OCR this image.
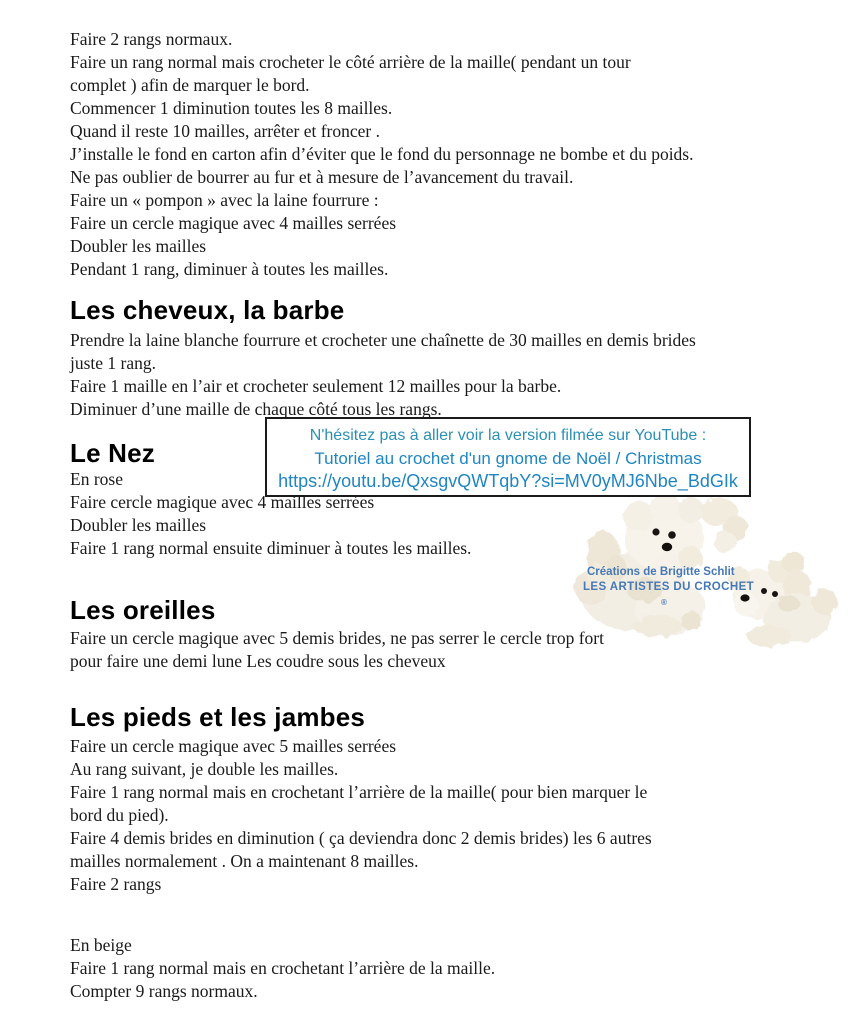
Créations de Brigitte Schlit
LES ARTISTES DU CROCHET
®
N'hésitez pas à aller voir la version filmée sur YouTube :
Tutoriel au crochet d'un gnome de Noël / Christmas
https://youtu.be/QxsgvQWTqbY?si=MV0yMJ6Nbe_BdGIk
Faire 2 rangs normaux.
Faire un rang normal mais crocheter le côté arrière de la maille( pendant un tour
complet ) afin de marquer le bord.
Commencer 1 diminution toutes les 8 mailles.
Quand il reste 10 mailles, arrêter et froncer .
J’installe le fond en carton afin d’éviter que le fond du personnage ne bombe et du poids.
Ne pas oublier de bourrer au fur et à mesure de l’avancement du travail.
Faire un « pompon » avec la laine fourrure :
Faire un cercle magique avec 4 mailles serrées
Doubler les mailles
Pendant 1 rang, diminuer à toutes les mailles.
Les cheveux, la barbe
Prendre la laine blanche fourrure et crocheter une chaînette de 30 mailles en demis brides
juste 1 rang.
Faire 1 maille en l’air et crocheter seulement 12 mailles pour la barbe.
Diminuer d’une maille de chaque côté tous les rangs.
Le Nez
En rose
Faire cercle magique avec 4 mailles serrées
Doubler les mailles
Faire 1 rang normal ensuite diminuer à toutes les mailles.
Les oreilles
Faire un cercle magique avec 5 demis brides, ne pas serrer le cercle trop fort
pour faire une demi lune Les coudre sous les cheveux
Les pieds et les jambes
Faire un cercle magique avec 5 mailles serrées
Au rang suivant, je double les mailles.
Faire 1 rang normal mais en crochetant l’arrière de la maille( pour bien marquer le
bord du pied).
Faire 4 demis brides en diminution ( ça deviendra donc 2 demis brides) les 6 autres
mailles normalement . On a maintenant 8 mailles.
Faire 2 rangs
En beige
Faire 1 rang normal mais en crochetant l’arrière de la maille.
Compter 9 rangs normaux.
